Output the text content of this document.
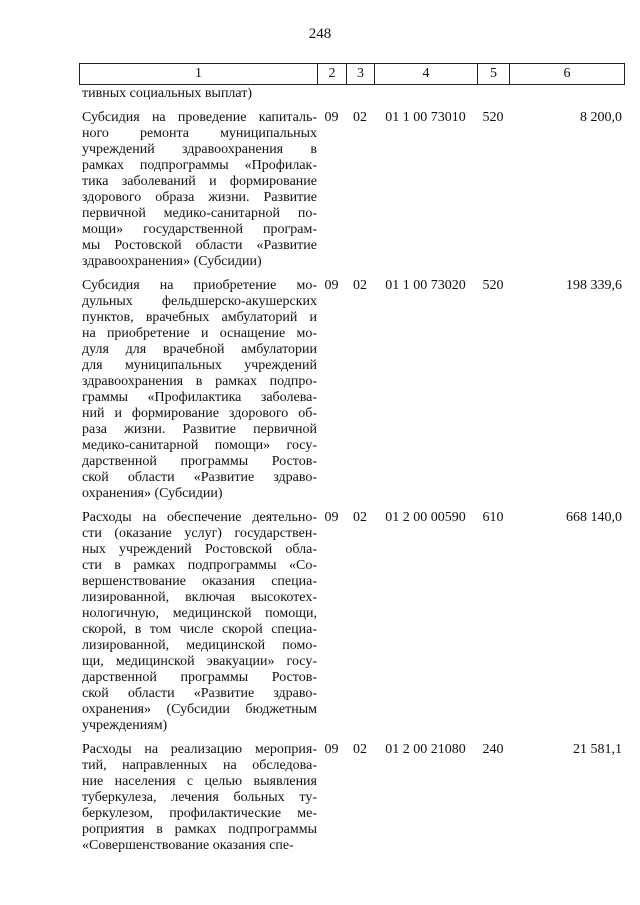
248
1	2	3	4	5	6
тивных социальных выплат)
Субсидия на проведение капиталь-
ного ремонта муниципальных
учреждений здравоохранения в
рамках подпрограммы «Профилак-
тика заболеваний и формирование
здорового образа жизни. Развитие
первичной медико-санитарной по-
мощи» государственной програм-
мы Ростовской области «Развитие
здравоохранения» (Субсидии)
09	02	01 1 00 73010	520	8 200,0
Субсидия на приобретение мо-
дульных фельдшерско-акушерских
пунктов, врачебных амбулаторий и
на приобретение и оснащение мо-
дуля для врачебной амбулатории
для муниципальных учреждений
здравоохранения в рамках подпро-
граммы «Профилактика заболева-
ний и формирование здорового об-
раза жизни. Развитие первичной
медико-санитарной помощи» госу-
дарственной программы Ростов-
ской области «Развитие здраво-
охранения» (Субсидии)
09	02	01 1 00 73020	520	198 339,6
Расходы на обеспечение деятельно-
сти (оказание услуг) государствен-
ных учреждений Ростовской обла-
сти в рамках подпрограммы «Со-
вершенствование оказания специа-
лизированной, включая высокотех-
нологичную, медицинской помощи,
скорой, в том числе скорой специа-
лизированной, медицинской помо-
щи, медицинской эвакуации» госу-
дарственной программы Ростов-
ской области «Развитие здраво-
охранения» (Субсидии бюджетным
учреждениям)
09	02	01 2 00 00590	610	668 140,0
Расходы на реализацию мероприя-
тий, направленных на обследова-
ние населения с целью выявления
туберкулеза, лечения больных ту-
беркулезом, профилактические ме-
роприятия в рамках подпрограммы
«Совершенствование оказания спе-
09	02	01 2 00 21080	240	21 581,1
